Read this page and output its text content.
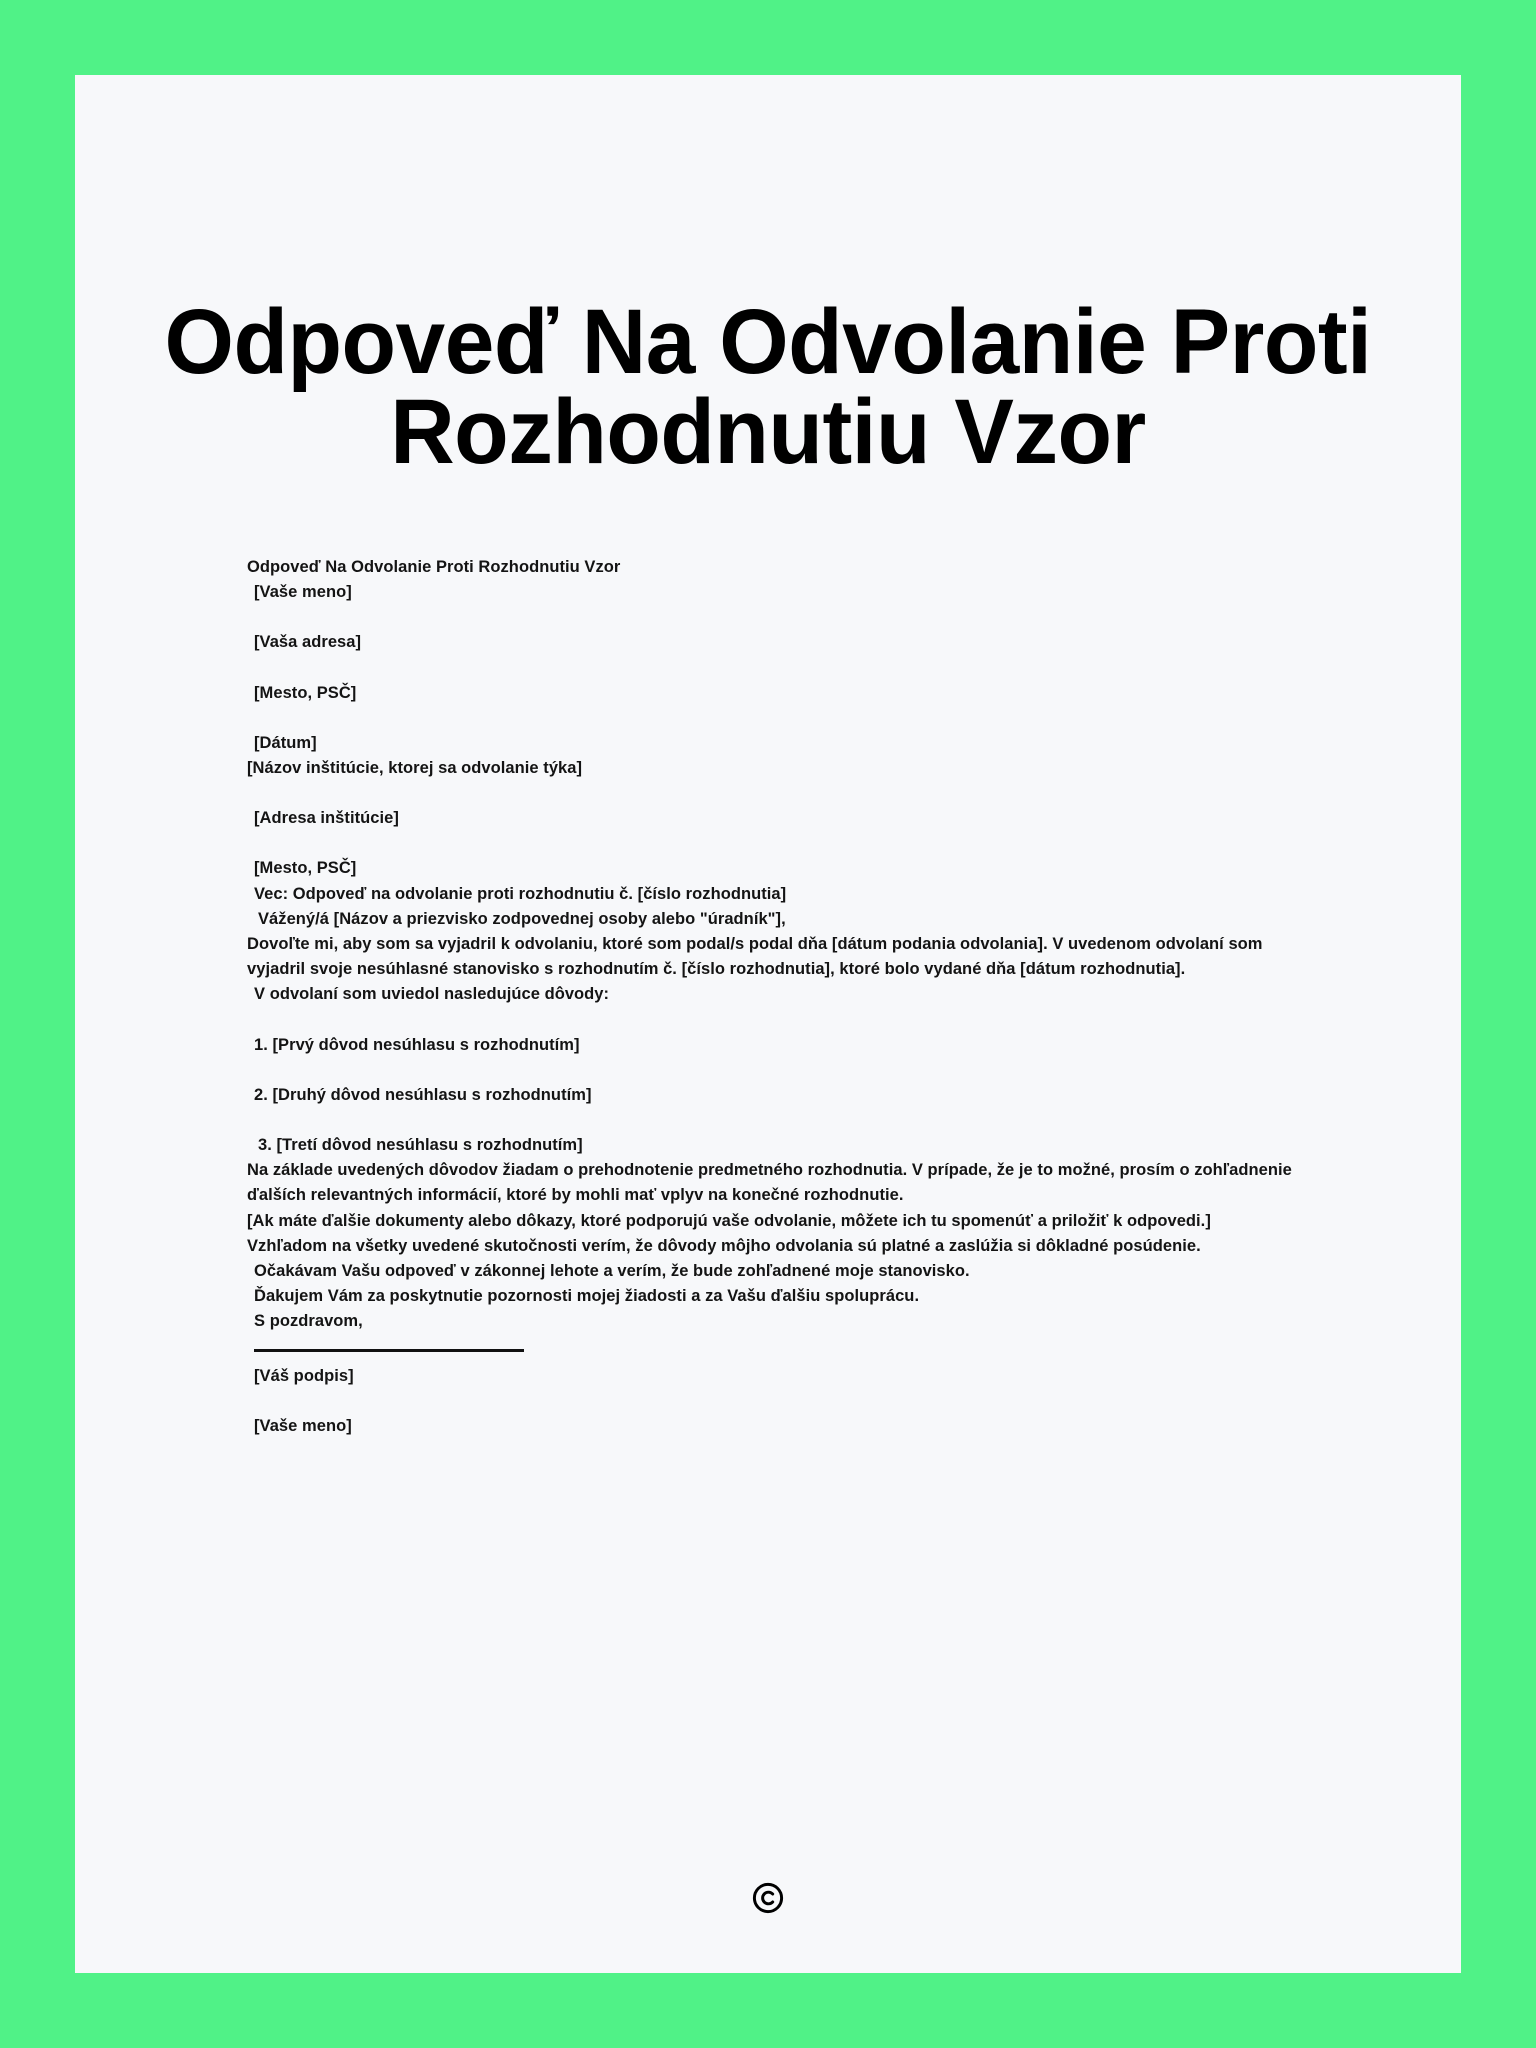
Odpoveď Na Odvolanie Proti Rozhodnutiu Vzor
Odpoveď Na Odvolanie Proti Rozhodnutiu Vzor
[Vaše meno]
[Vaša adresa]
[Mesto, PSČ]
[Dátum]
[Názov inštitúcie, ktorej sa odvolanie týka]
[Adresa inštitúcie]
[Mesto, PSČ]
Vec: Odpoveď na odvolanie proti rozhodnutiu č. [číslo rozhodnutia]
Vážený/á [Názov a priezvisko zodpovednej osoby alebo "úradník"],

Dovoľte mi, aby som sa vyjadril k odvolaniu, ktoré som podal/s podal dňa [dátum podania odvolania]. V uvedenom odvolaní som vyjadril svoje nesúhlasné stanovisko s rozhodnutím č. [číslo rozhodnutia], ktoré bolo vydané dňa [dátum rozhodnutia].

V odvolaní som uviedol nasledujúce dôvody:
1. [Prvý dôvod nesúhlasu s rozhodnutím]
2. [Druhý dôvod nesúhlasu s rozhodnutím]
3. [Tretí dôvod nesúhlasu s rozhodnutím]

Na základe uvedených dôvodov žiadam o prehodnotenie predmetného rozhodnutia. V prípade, že je to možné, prosím o zohľadnenie ďalších relevantných informácií, ktoré by mohli mať vplyv na konečné rozhodnutie.

[Ak máte ďalšie dokumenty alebo dôkazy, ktoré podporujú vaše odvolanie, môžete ich tu spomenúť a priložiť k odpovedi.]

Vzhľadom na všetky uvedené skutočnosti verím, že dôvody môjho odvolania sú platné a zaslúžia si dôkladné posúdenie.

Očakávam Vašu odpoveď v zákonnej lehote a verím, že bude zohľadnené moje stanovisko.
Ďakujem Vám za poskytnutie pozornosti mojej žiadosti a za Vašu ďalšiu spoluprácu.
S pozdravom,
[Váš podpis]
[Vaše meno]
